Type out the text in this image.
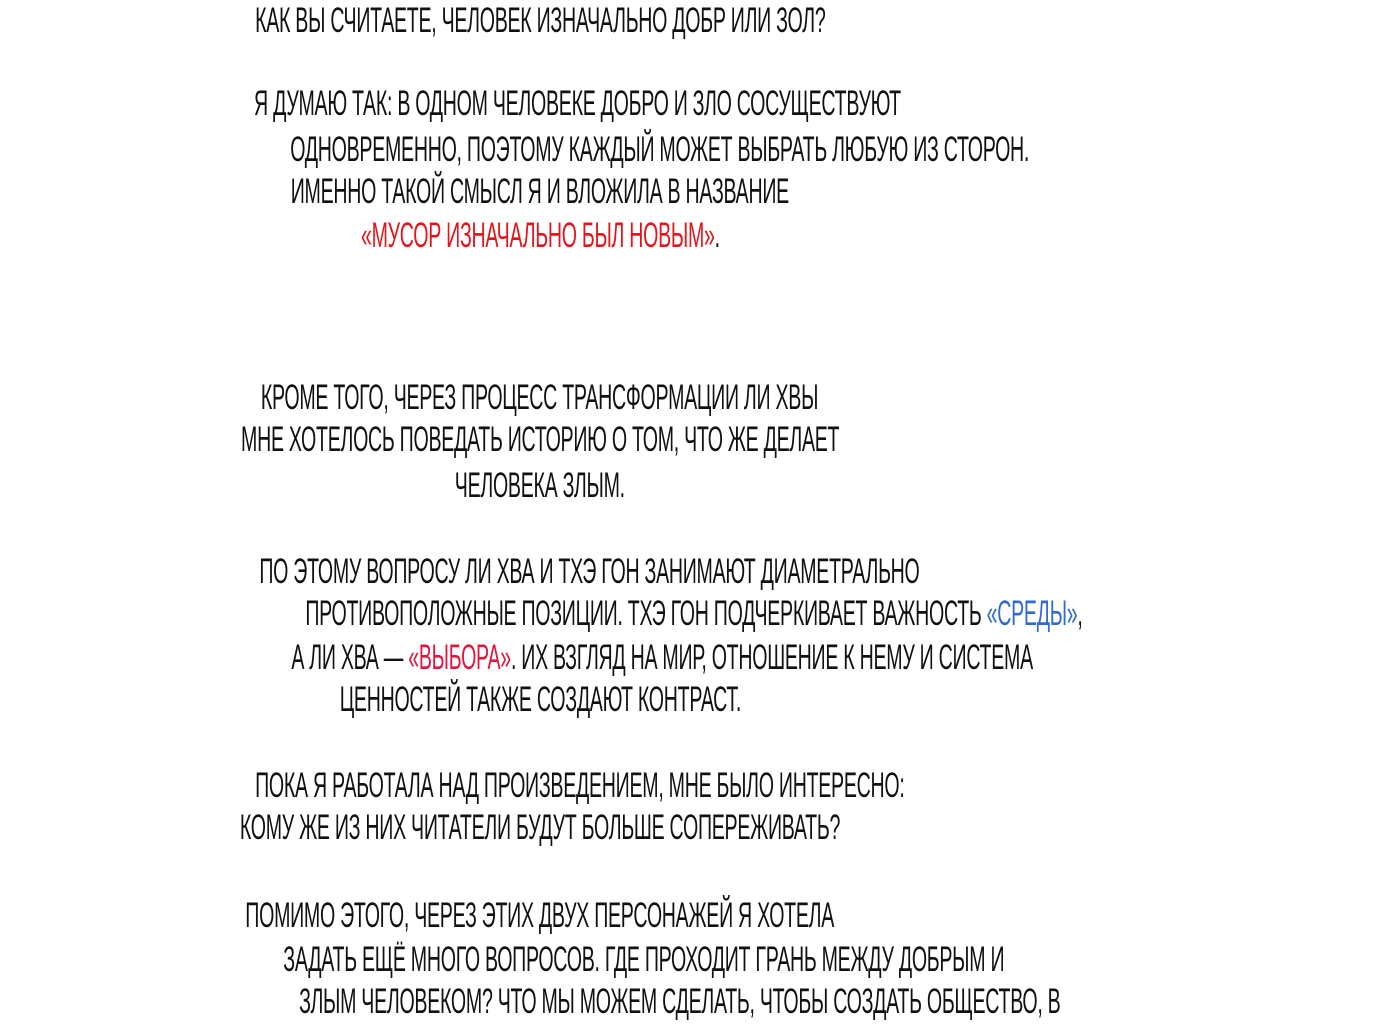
КАК ВЫ СЧИТАЕТЕ, ЧЕЛОВЕК ИЗНАЧАЛЬНО ДОБР ИЛИ ЗОЛ?
Я ДУМАЮ ТАК: В ОДНОМ ЧЕЛОВЕКЕ ДОБРО И ЗЛО СОСУЩЕСТВУЮТ
ОДНОВРЕМЕННО, ПОЭТОМУ КАЖДЫЙ МОЖЕТ ВЫБРАТЬ ЛЮБУЮ ИЗ СТОРОН.
ИМЕННО ТАКОЙ СМЫСЛ Я И ВЛОЖИЛА В НАЗВАНИЕ
«МУСОР ИЗНАЧАЛЬНО БЫЛ НОВЫМ».
КРОМЕ ТОГО, ЧЕРЕЗ ПРОЦЕСС ТРАНСФОРМАЦИИ ЛИ ХВЫ
МНЕ ХОТЕЛОСЬ ПОВЕДАТЬ ИСТОРИЮ О ТОМ, ЧТО ЖЕ ДЕЛАЕТ
ЧЕЛОВЕКА ЗЛЫМ.
ПО ЭТОМУ ВОПРОСУ ЛИ ХВА И ТХЭ ГОН ЗАНИМАЮТ ДИАМЕТРАЛЬНО
ПРОТИВОПОЛОЖНЫЕ ПОЗИЦИИ. ТХЭ ГОН ПОДЧЕРКИВАЕТ ВАЖНОСТЬ «СРЕДЫ»,
А ЛИ ХВА — «ВЫБОРА». ИХ ВЗГЛЯД НА МИР, ОТНОШЕНИЕ К НЕМУ И СИСТЕМА
ЦЕННОСТЕЙ ТАКЖЕ СОЗДАЮТ КОНТРАСТ.
ПОКА Я РАБОТАЛА НАД ПРОИЗВЕДЕНИЕМ, МНЕ БЫЛО ИНТЕРЕСНО:
КОМУ ЖЕ ИЗ НИХ ЧИТАТЕЛИ БУДУТ БОЛЬШЕ СОПЕРЕЖИВАТЬ?
ПОМИМО ЭТОГО, ЧЕРЕЗ ЭТИХ ДВУХ ПЕРСОНАЖЕЙ Я ХОТЕЛА
ЗАДАТЬ ЕЩЁ МНОГО ВОПРОСОВ. ГДЕ ПРОХОДИТ ГРАНЬ МЕЖДУ ДОБРЫМ И
ЗЛЫМ ЧЕЛОВЕКОМ? ЧТО МЫ МОЖЕМ СДЕЛАТЬ, ЧТОБЫ СОЗДАТЬ ОБЩЕСТВО, В
